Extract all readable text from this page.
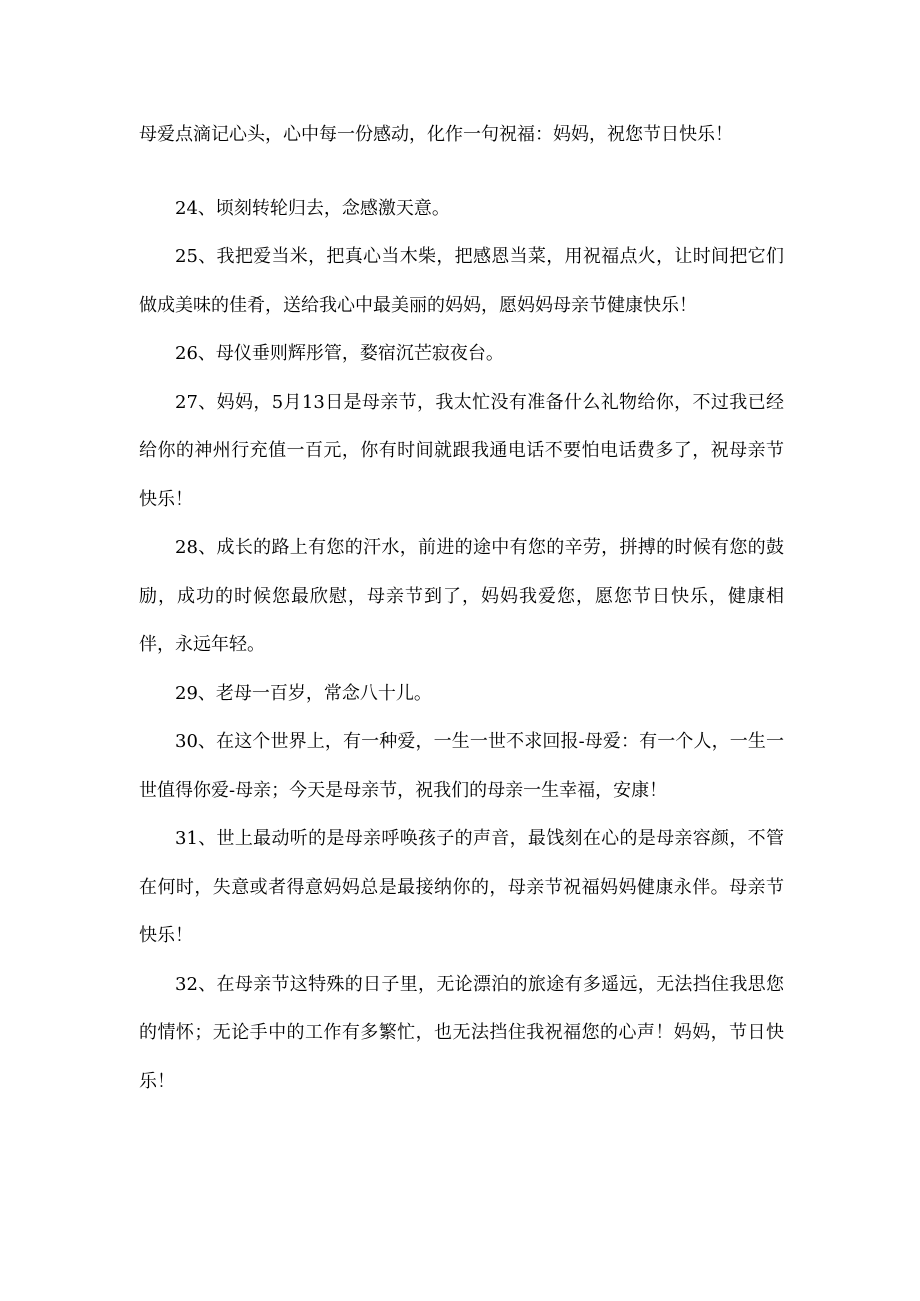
母爱点滴记心头，心中每一份感动，化作一句祝福：妈妈，祝您节日快乐！

24、顷刻转轮归去，念感激天意。

25、我把爱当米，把真心当木柴，把感恩当菜，用祝福点火，让时间把它们做成美味的佳肴，送给我心中最美丽的妈妈，愿妈妈母亲节健康快乐！

26、母仪垂则辉彤管，婺宿沉芒寂夜台。

27、妈妈，5月13日是母亲节，我太忙没有准备什么礼物给你，不过我已经给你的神州行充值一百元，你有时间就跟我通电话不要怕电话费多了，祝母亲节快乐！

28、成长的路上有您的汗水，前进的途中有您的辛劳，拼搏的时候有您的鼓励，成功的时候您最欣慰，母亲节到了，妈妈我爱您，愿您节日快乐，健康相伴，永远年轻。

29、老母一百岁，常念八十儿。

30、在这个世界上，有一种爱，一生一世不求回报-母爱：有一个人，一生一世值得你爱-母亲；今天是母亲节，祝我们的母亲一生幸福，安康！

31、世上最动听的是母亲呼唤孩子的声音，最饯刻在心的是母亲容颜，不管在何时，失意或者得意妈妈总是最接纳你的，母亲节祝福妈妈健康永伴。母亲节快乐！

32、在母亲节这特殊的日子里，无论漂泊的旅途有多遥远，无法挡住我思您的情怀；无论手中的工作有多繁忙，也无法挡住我祝福您的心声！妈妈，节日快乐！
